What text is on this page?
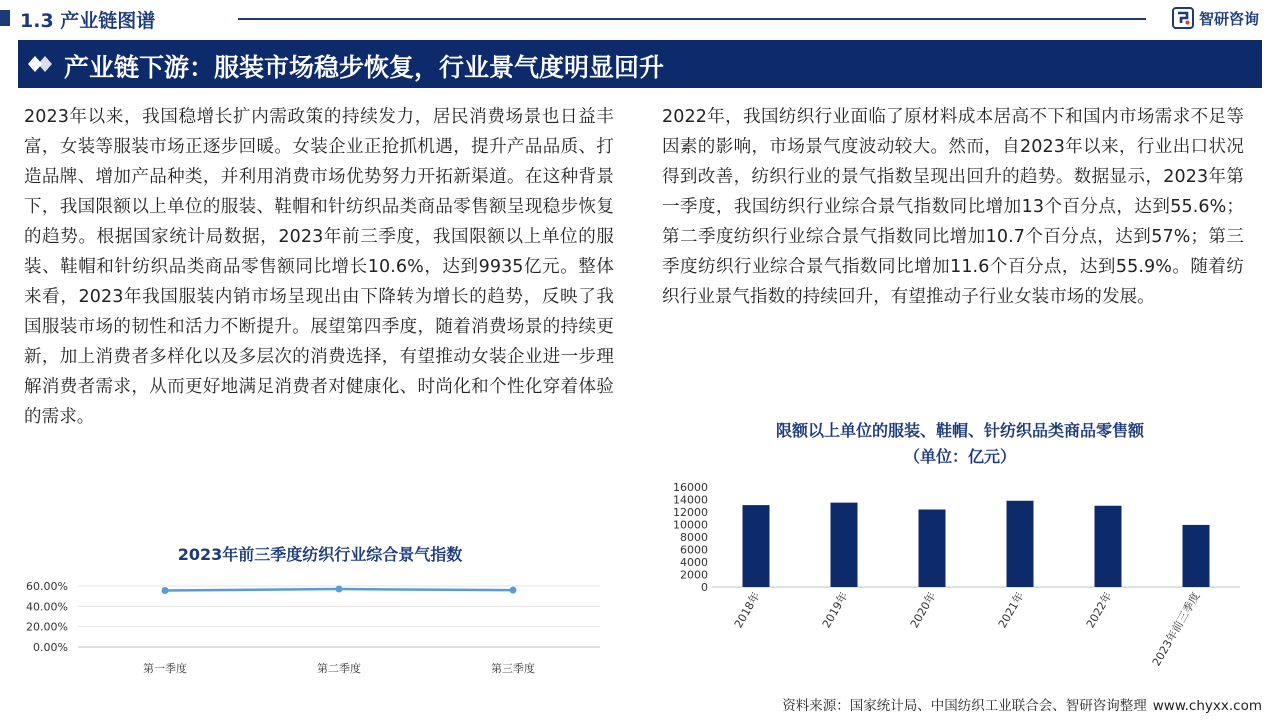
1.3 产业链图谱	智研咨询
产业链下游：服装市场稳步恢复，行业景气度明显回升
2023年以来，我国稳增长扩内需政策的持续发力，居民消费场景也日益丰富，女装等服装市场正逐步回暖。女装企业正抢抓机遇，提升产品品质、打造品牌、增加产品种类，并利用消费市场优势努力开拓新渠道。在这种背景下，我国限额以上单位的服装、鞋帽和针纺织品类商品零售额呈现稳步恢复的趋势。根据国家统计局数据，2023年前三季度，我国限额以上单位的服装、鞋帽和针纺织品类商品零售额同比增长10.6%，达到9935亿元。整体来看，2023年我国服装内销市场呈现出由下降转为增长的趋势，反映了我国服装市场的韧性和活力不断提升。展望第四季度，随着消费场景的持续更新，加上消费者多样化以及多层次的消费选择，有望推动女装企业进一步理解消费者需求，从而更好地满足消费者对健康化、时尚化和个性化穿着体验的需求。
2022年，我国纺织行业面临了原材料成本居高不下和国内市场需求不足等因素的影响，市场景气度波动较大。然而，自2023年以来，行业出口状况得到改善，纺织行业的景气指数呈现出回升的趋势。数据显示，2023年第一季度，我国纺织行业综合景气指数同比增加13个百分点，达到55.6%；第二季度纺织行业综合景气指数同比增加10.7个百分点，达到57%；第三季度纺织行业综合景气指数同比增加11.6个百分点，达到55.9%。随着纺织行业景气指数的持续回升，有望推动子行业女装市场的发展。
2023年前三季度纺织行业综合景气指数
0.00%
20.00%
40.00%
60.00%
第一季度	第二季度	第三季度
限额以上单位的服装、鞋帽、针纺织品类商品零售额
（单位：亿元）
0
2000
4000
6000
8000
10000
12000
14000
16000
2018年	2019年	2020年	2021年	2022年	2023年前三季度
资料来源：国家统计局、中国纺织工业联合会、智研咨询整理 www.chyxx.com
